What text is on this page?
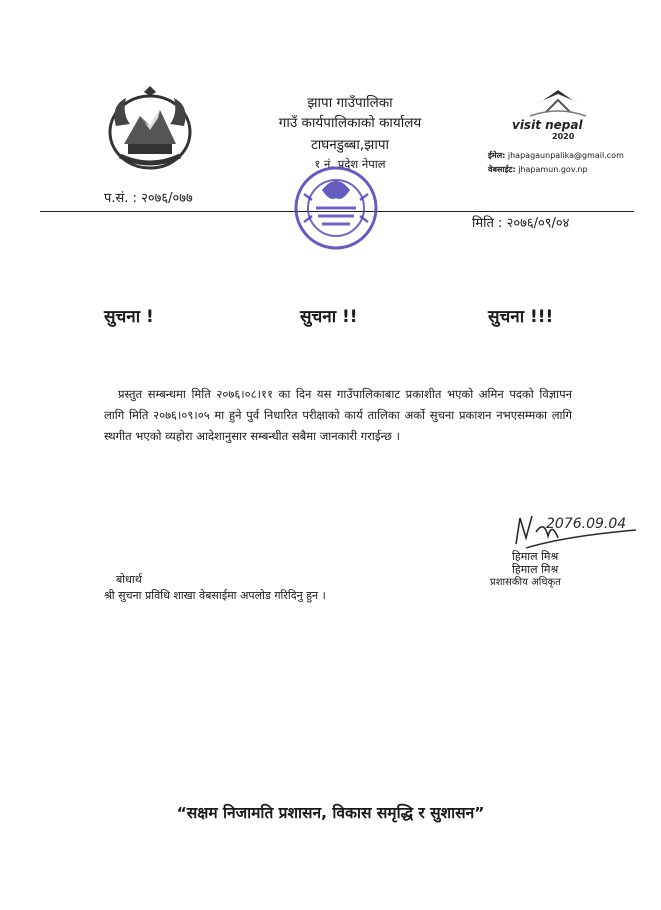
झापा गाउँपालिका
गाउँ कार्यपालिकाको कार्यालय
टाघनडुब्बा,झापा
१ नं. प्रदेश नेपाल
visit nepal
2020
ईमेल: jhapagaunpalika@gmail.com
वेबसाईट: jhapamun.gov.np
प.सं. : २०७६/०७७
मिति : २०७६/०९/०४
सुचना !	सुचना !!	सुचना !!!
प्रस्तुत सम्बन्धमा मिति २०७६।०८।११ का दिन यस गाउँपालिकाबाट प्रकाशीत भएको अमिन पदको विज्ञापन लागि मिति २०७६।०९।०५ मा हुने पुर्व निधारित परीक्षाको कार्य तालिका अर्को सुचना प्रकाशन नभएसम्मका लागि स्थगीत भएको व्यहोरा आदेशानुसार सम्बन्धीत सबैमा जानकारी गराईन्छ ।
2076.09.04
हिमाल मिश्र
हिमाल मिश्र
प्रशासकीय अधिकृत
बोधार्थ
श्री सुचना प्रविधि शाखा वेबसाईमा अपलोड गरिदिनु हुन ।
“सक्षम निजामति प्रशासन, विकास समृद्धि र सुशासन”
